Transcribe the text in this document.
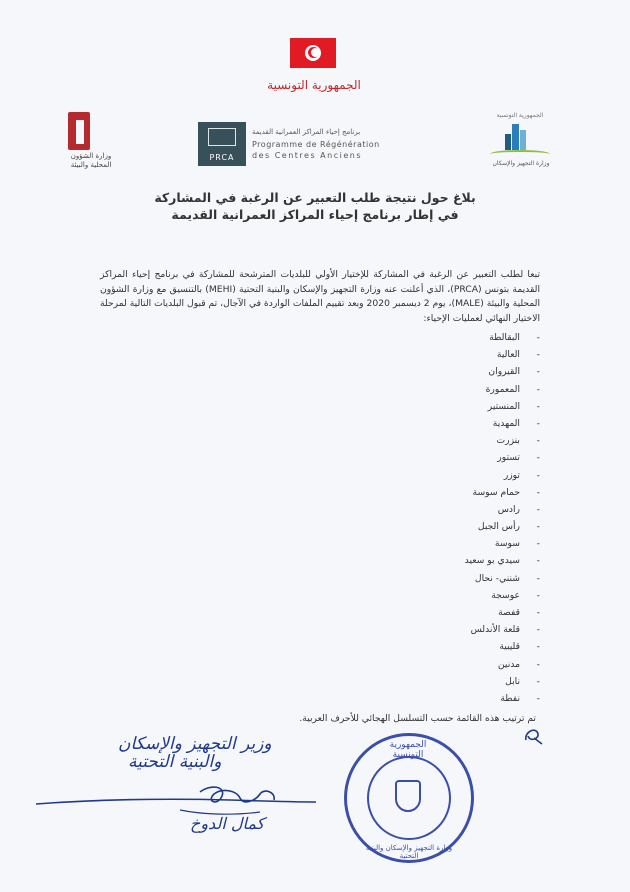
الجمهورية التونسية
وزارة الشؤون المحلية والبيئة
PRCA
برنامج إحياء المراكز العمرانية القديمة
Programme de Régénération
des Centres Anciens
الجمهورية التونسية
وزارة التجهيز والإسكان
بلاغ حول نتيجة طلب التعبير عن الرغبة في المشاركة
في إطار برنامج إحياء المراكز العمرانية القديمة
تبعا لطلب التعبير عن الرغبة في المشاركة للإختيار الأولي للبلديات المترشحة للمشاركة في برنامج إحياء المراكز القديمة بتونس (PRCA)، الذي أعلنت عنه وزارة التجهيز والإسكان والبنية التحتية (MEHI) بالتنسيق مع وزارة الشؤون المحلية والبيئة (MALE)، يوم 2 ديسمبر 2020 وبعد تقييم الملفات الواردة في الآجال، تم قبول البلديات التالية لمرحلة الاختيار النهائي لعمليات الإحياء:
- البقالطة
- العالية
- القيروان
- المعمورة
- المنستير
- المهدية
- بنزرت
- تستور
- توزر
- حمام سوسة
- رادس
- رأس الجبل
- سوسة
- سيدي بو سعيد
- شنني- نحال
- عوسجة
- قفصة
- قلعة الأندلس
- قليبية
- مدنين
- نابل
- نفطة
تم ترتيب هذه القائمة حسب التسلسل الهجائي للأحرف العربية.
وزير التجهيز والإسكان
والبنية التحتية
كمال الدوخ
الجمهورية التونسية
وزارة التجهيز والإسكان والبنية التحتية
